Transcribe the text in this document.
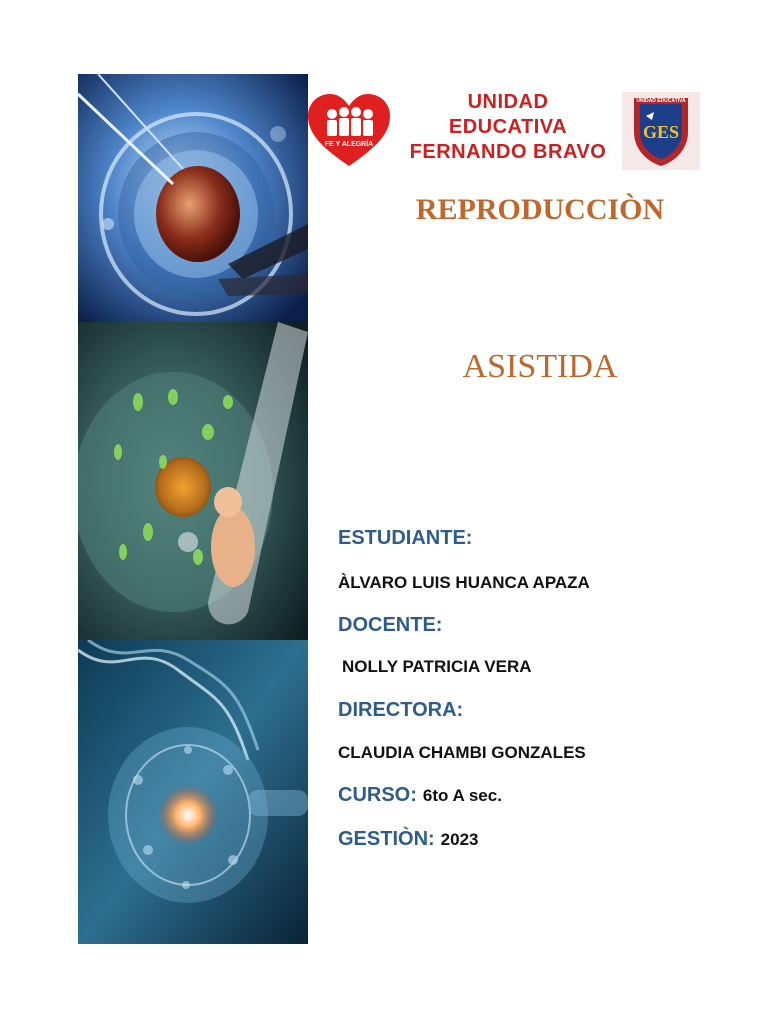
FE Y ALEGRÍA
UNIDAD
EDUCATIVA
FERNANDO BRAVO
UNIDAD EDUCATIVA
GES
REPRODUCCIÒN
ASISTIDA
ESTUDIANTE:
ÀLVARO LUIS HUANCA APAZA
DOCENTE:
NOLLY PATRICIA VERA
DIRECTORA:
CLAUDIA CHAMBI GONZALES
CURSO: 6to A sec.
GESTIÒN: 2023
